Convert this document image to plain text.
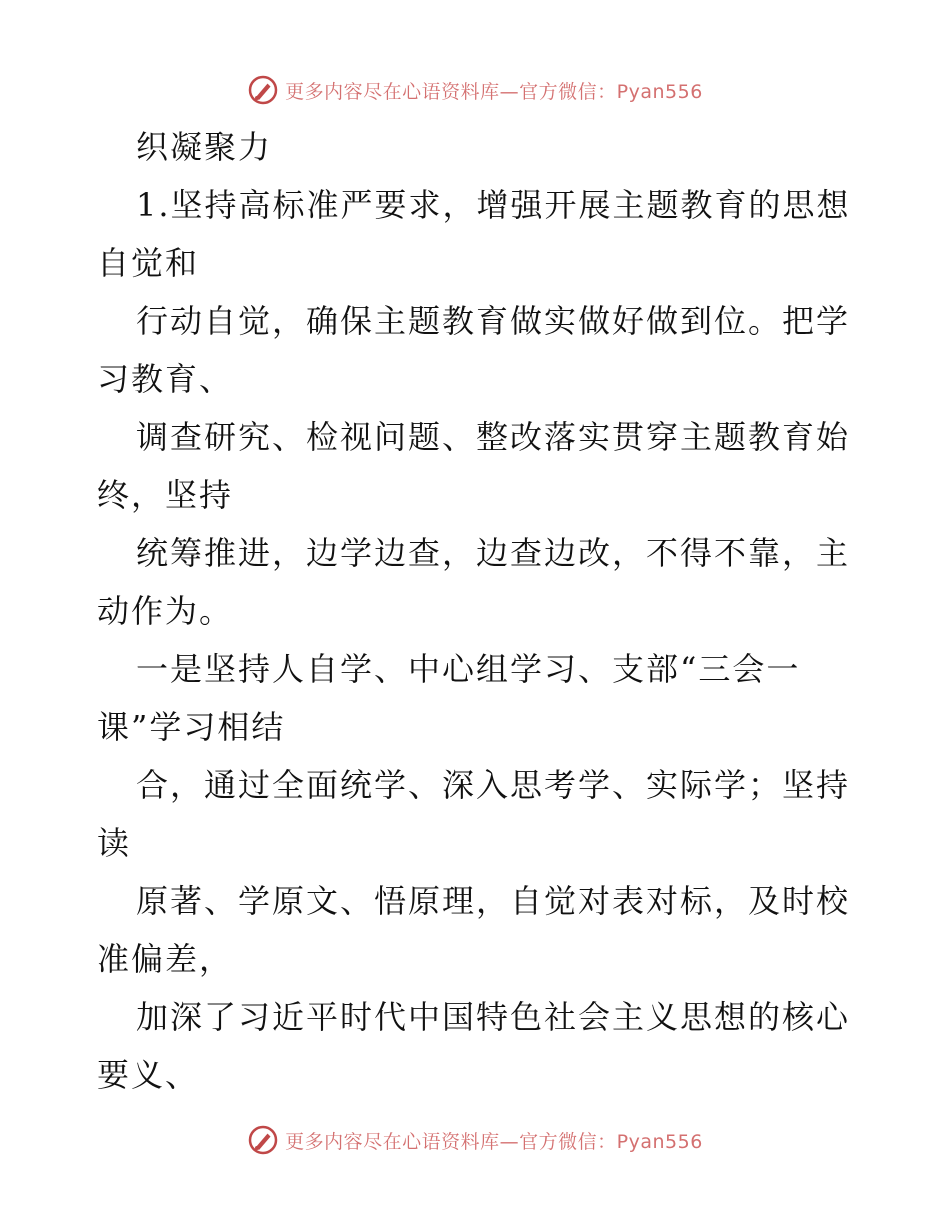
更多内容尽在心语资料库—官方微信：Pyan556
织凝聚力
1.坚持高标准严要求，增强开展主题教育的思想
自觉和
行动自觉，确保主题教育做实做好做到位。把学
习教育、
调查研究、检视问题、整改落实贯穿主题教育始
终，坚持
统筹推进，边学边查，边查边改，不得不靠，主
动作为。
一是坚持人自学、中心组学习、支部“三会一
课”学习相结
合，通过全面统学、深入思考学、实际学；坚持
读
原著、学原文、悟原理，自觉对表对标，及时校
准偏差，
加深了习近平时代中国特色社会主义思想的核心
要义、
更多内容尽在心语资料库—官方微信：Pyan556
